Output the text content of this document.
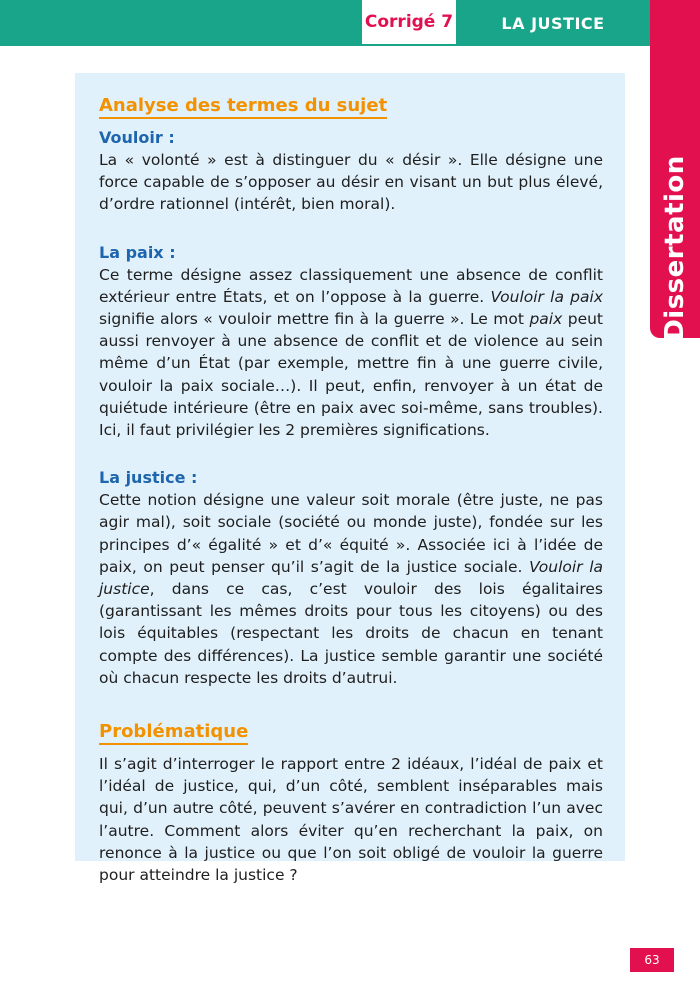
Corrigé 7	LA JUSTICE
Dissertation
Analyse des termes du sujet
Vouloir :

La « volonté » est à distinguer du « désir ». Elle désigne une force capable de s’opposer au désir en visant un but plus élevé, d’ordre rationnel (intérêt, bien moral).

La paix :

Ce terme désigne assez classiquement une absence de conflit extérieur entre États, et on l’oppose à la guerre. Vouloir la paix signifie alors « vouloir mettre fin à la guerre ». Le mot paix peut aussi renvoyer à une absence de conflit et de violence au sein même d’un État (par exemple, mettre fin à une guerre civile, vouloir la paix sociale…). Il peut, enfin, renvoyer à un état de quiétude intérieure (être en paix avec soi-même, sans troubles). Ici, il faut privilégier les 2 premières significations.

La justice :

Cette notion désigne une valeur soit morale (être juste, ne pas agir mal), soit sociale (société ou monde juste), fondée sur les principes d’« égalité » et d’« équité ». Associée ici à l’idée de paix, on peut penser qu’il s’agit de la justice sociale. Vouloir la justice, dans ce cas, c’est vouloir des lois égalitaires (garantissant les mêmes droits pour tous les citoyens) ou des lois équitables (respectant les droits de chacun en tenant compte des différences). La justice semble garantir une société où chacun respecte les droits d’autrui.

Problématique

Il s’agit d’interroger le rapport entre 2 idéaux, l’idéal de paix et l’idéal de justice, qui, d’un côté, semblent inséparables mais qui, d’un autre côté, peuvent s’avérer en contradiction l’un avec l’autre. Comment alors éviter qu’en recherchant la paix, on renonce à la justice ou que l’on soit obligé de vouloir la guerre pour atteindre la justice ?

63
